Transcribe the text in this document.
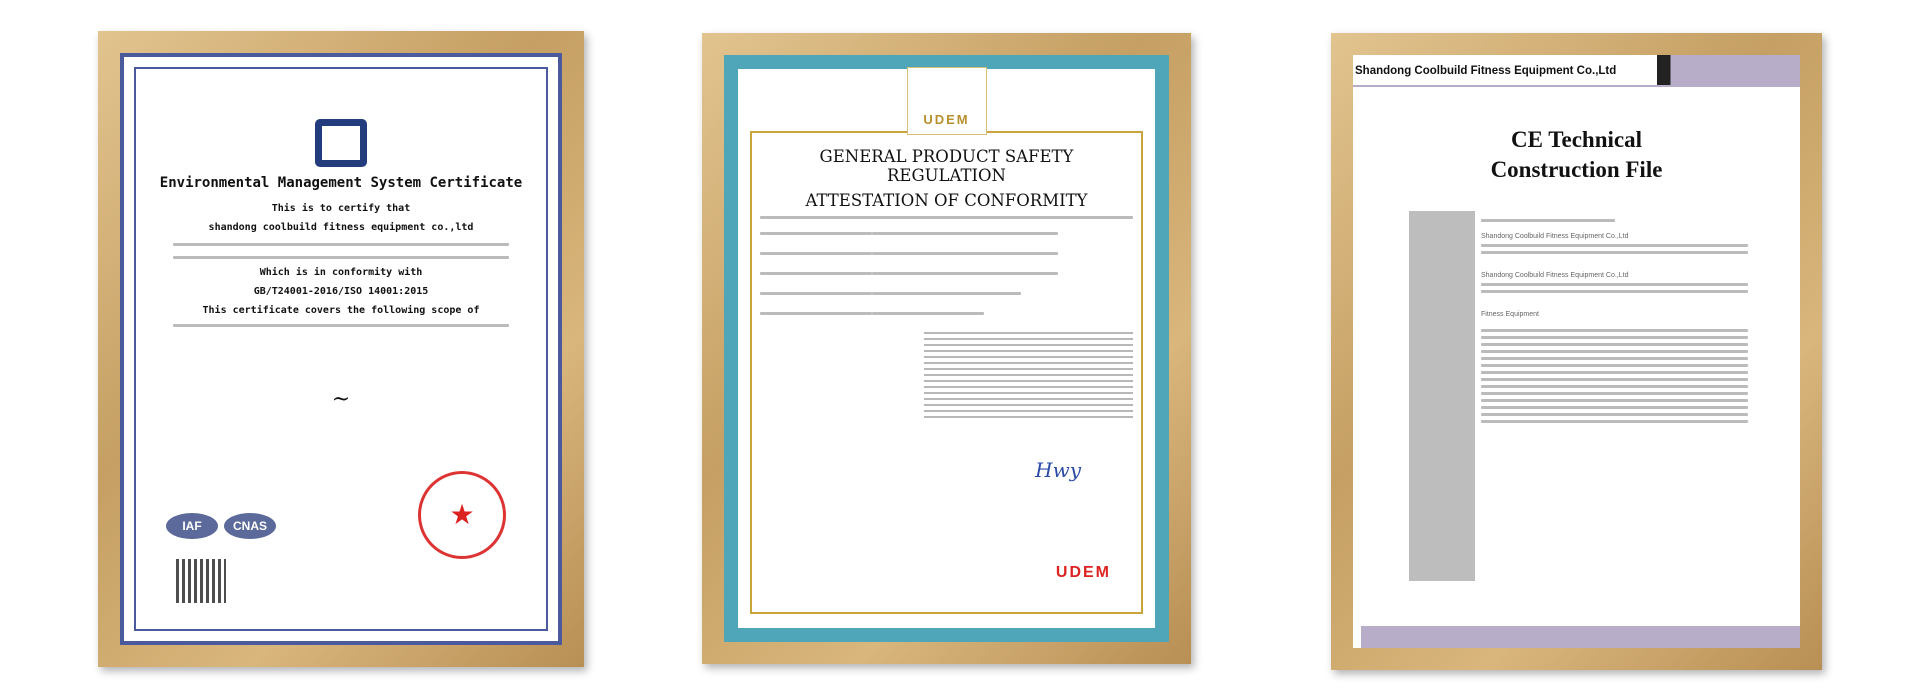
Environmental Management System Certificate
This is to certify that
shandong coolbuild fitness equipment co.,ltd
Which is in conformity with
GB/T24001-2016/ISO 14001:2015
This certificate covers the following scope of
~
IAF	CNAS	★
UDEM
GENERAL PRODUCT SAFETY REGULATION
ATTESTATION OF CONFORMITY
Hwy
UDEM
Shandong Coolbuild Fitness Equipment Co.,Ltd
CE Technical
Construction File

Shandong Coolbuild Fitness Equipment Co.,Ltd

Shandong Coolbuild Fitness Equipment Co.,Ltd

Fitness Equipment
